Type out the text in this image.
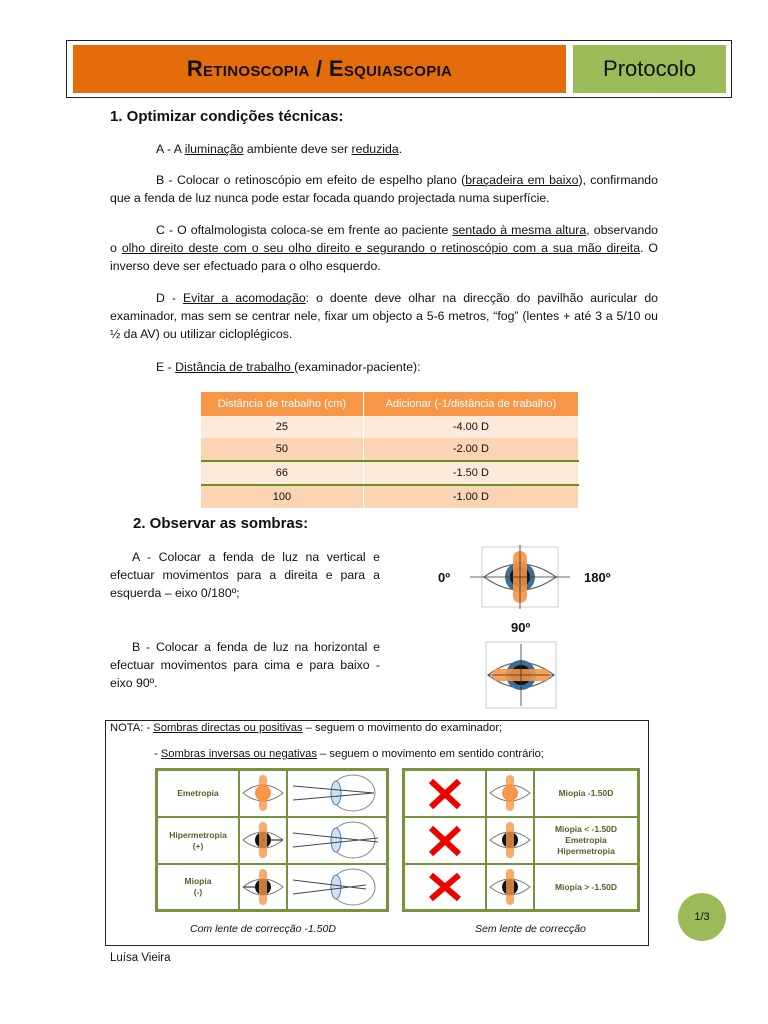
Retinoscopia / Esquiascopia	Protocolo
1. Optimizar condições técnicas:

A - A iluminação ambiente deve ser reduzida.

B - Colocar o retinoscópio em efeito de espelho plano (braçadeira em baixo), confirmando que a fenda de luz nunca pode estar focada quando projectada numa superfície.

C - O oftalmologista coloca-se em frente ao paciente sentado à mesma altura, observando o olho direito deste com o seu olho direito e segurando o retinoscópio com a sua mão direita. O inverso deve ser efectuado para o olho esquerdo.

D - Evitar a acomodação: o doente deve olhar na direcção do pavilhão auricular do examinador, mas sem se centrar nele, fixar um objecto a 5-6 metros, “fog” (lentes + até 3 a 5/10 ou ½ da AV) ou utilizar cicloplégicos.

E - Distância de trabalho (examinador-paciente):

Distância de trabalho (cm)	Adicionar (-1/distância de trabalho)
25	-4.00 D
50	-2.00 D
66	-1.50 D
100	-1.00 D
2. Observar as sombras:

A - Colocar a fenda de luz na vertical e efectuar movimentos para a direita e para a esquerda – eixo 0/180º;

B - Colocar a fenda de luz na horizontal e efectuar movimentos para cima e para baixo - eixo 90º.

0º	180º
90º
NOTA: - Sombras directas ou positivas – seguem o movimento do examinador;
- Sombras inversas ou negativas – seguem o movimento em sentido contrário;
Emetropia
Hipermetropia
(+)
Miopia
(-)
Miopia -1.50D
Miopia < -1.50D
Emetropia
Hipermetropia
Miopia > -1.50D
Com lente de correcção -1.50D	Sem lente de correcção
1/3
Luísa Vieira
